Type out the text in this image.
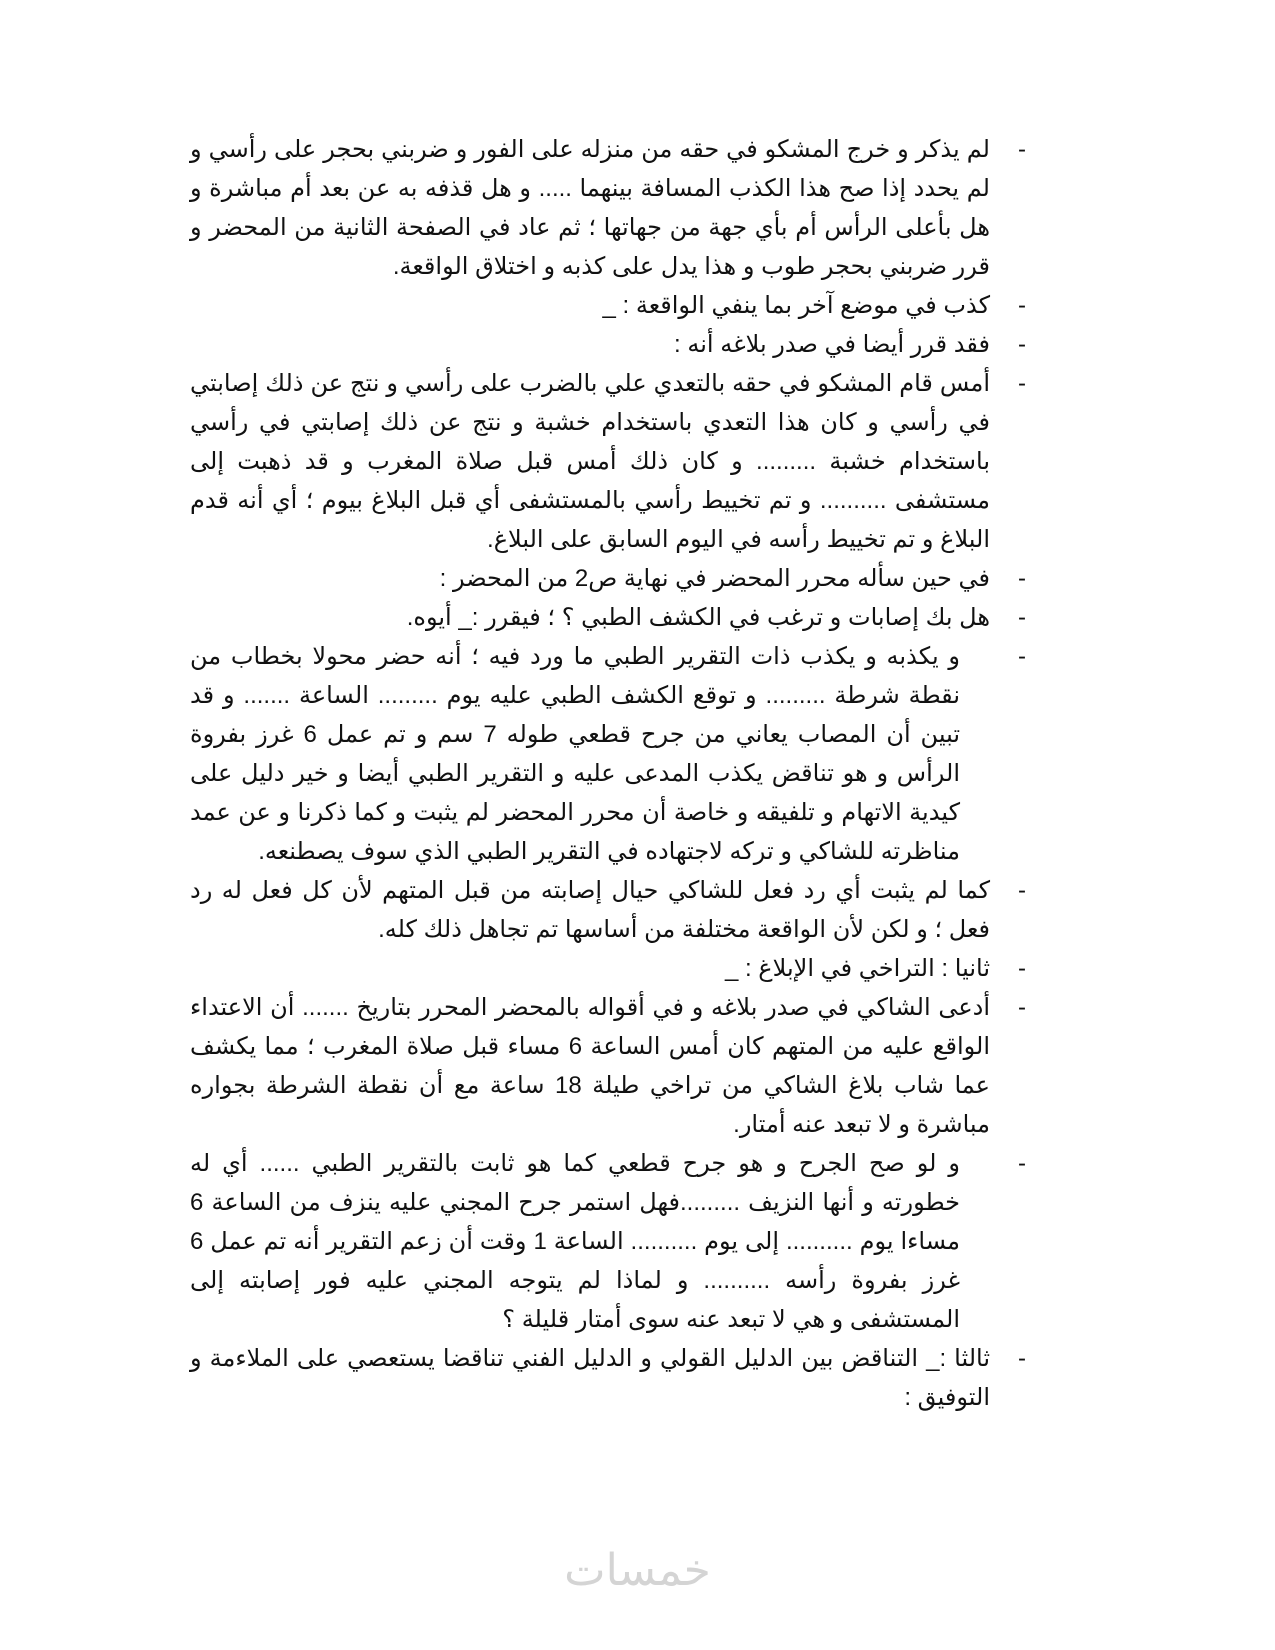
-
لم يذكر و خرج المشكو في حقه من منزله على الفور و ضربني بحجر على رأسي و لم يحدد إذا صح هذا الكذب المسافة بينهما ..... و هل قذفه به عن بعد أم مباشرة و هل بأعلى الرأس أم بأي جهة من جهاتها ؛ ثم عاد في الصفحة الثانية من المحضر و قرر ضربني بحجر طوب و هذا يدل على كذبه و اختلاق الواقعة.
-
كذب في موضع آخر بما ينفي الواقعة : _
-
فقد قرر أيضا في صدر بلاغه أنه :
-
أمس قام المشكو في حقه بالتعدي علي بالضرب على رأسي و نتج عن ذلك إصابتي في رأسي و كان هذا التعدي باستخدام خشبة و نتج عن ذلك إصابتي في رأسي باستخدام خشبة ......... و كان ذلك أمس قبل صلاة المغرب و قد ذهبت إلى مستشفى .......... و تم تخييط رأسي بالمستشفى أي قبل البلاغ بيوم ؛ أي أنه قدم البلاغ و تم تخييط رأسه في اليوم السابق على البلاغ.
-
في حين سأله محرر المحضر في نهاية ص2 من المحضر :
-
هل بك إصابات و ترغب في الكشف الطبي ؟ ؛ فيقرر :_ أيوه.
-
و يكذبه و يكذب ذات التقرير الطبي ما ورد فيه ؛ أنه حضر محولا بخطاب من نقطة شرطة ......... و توقع الكشف الطبي عليه يوم ......... الساعة ....... و قد تبين أن المصاب يعاني من جرح قطعي طوله 7 سم و تم عمل 6 غرز بفروة الرأس و هو تناقض يكذب المدعى عليه و التقرير الطبي أيضا و خير دليل على كيدية الاتهام و تلفيقه و خاصة أن محرر المحضر لم يثبت و كما ذكرنا و عن عمد مناظرته للشاكي و تركه لاجتهاده في التقرير الطبي الذي سوف يصطنعه.
-
كما لم يثبت أي رد فعل للشاكي حيال إصابته من قبل المتهم لأن كل فعل له رد فعل ؛ و لكن لأن الواقعة مختلفة من أساسها تم تجاهل ذلك كله.
-
ثانيا : التراخي في الإبلاغ : _
-
أدعى الشاكي في صدر بلاغه و في أقواله بالمحضر المحرر بتاريخ ....... أن الاعتداء الواقع عليه من المتهم كان أمس الساعة 6 مساء قبل صلاة المغرب ؛ مما يكشف عما شاب بلاغ الشاكي من تراخي طيلة 18 ساعة مع أن نقطة الشرطة بجواره مباشرة و لا تبعد عنه أمتار.
-
و لو صح الجرح و هو جرح قطعي كما هو ثابت بالتقرير الطبي ...... أي له خطورته و أنها النزيف .........فهل استمر جرح المجني عليه ينزف من الساعة 6 مساءا يوم .......... إلى يوم .......... الساعة 1 وقت أن زعم التقرير أنه تم عمل 6 غرز بفروة رأسه .......... و لماذا لم يتوجه المجني عليه فور إصابته إلى المستشفى و هي لا تبعد عنه سوى أمتار قليلة ؟
-
ثالثا :_ التناقض بين الدليل القولي و الدليل الفني تناقضا يستعصي على الملاءمة و التوفيق :
خمسات
